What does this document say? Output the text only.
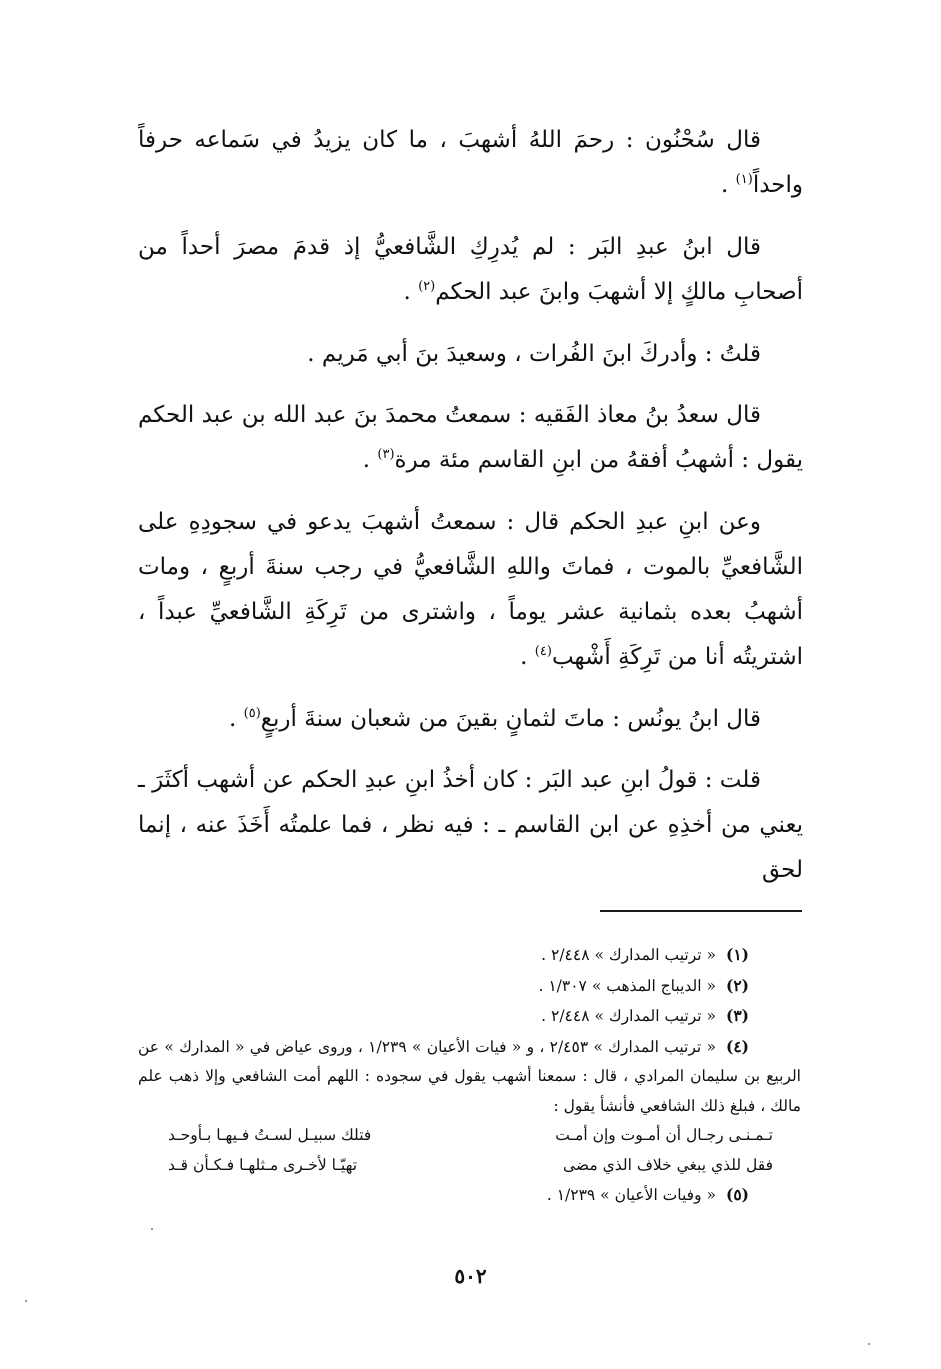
قال سُحْنُون : رحمَ اللهُ أشهبَ ، ما كان يزيدُ في سَماعه حرفاً واحداً$^{(١)}$ .

قال ابنُ عبدِ البَر : لم يُدرِكِ الشَّافعيُّ إذ قدمَ مصرَ أحداً من أصحابِ مالكٍ إلا أشهبَ وابنَ عبد الحكم$^{(٢)}$ .

قلتُ : وأدركَ ابنَ الفُرات ، وسعيدَ بنَ أبي مَريم .

قال سعدُ بنُ معاذ الفَقيه : سمعتُ محمدَ بنَ عبد الله بن عبد الحكم يقول : أشهبُ أفقهُ من ابنِ القاسم مئة مرة$^{(٣)}$ .

وعن ابنِ عبدِ الحكم قال : سمعتُ أشهبَ يدعو في سجودِهِ على الشَّافعيِّ بالموت ، فماتَ واللهِ الشَّافعيُّ في رجب سنةَ أربعٍ ، ومات أشهبُ بعده بثمانية عشر يوماً ، واشترى من تَرِكَةِ الشَّافعيِّ عبداً ، اشتريتُه أنا من تَرِكَةِ أَشْهب$^{(٤)}$ .

قال ابنُ يونُس : ماتَ لثمانٍ بقينَ من شعبان سنةَ أربعٍ$^{(٥)}$ .

قلت : قولُ ابنِ عبد البَر : كان أخذُ ابنِ عبدِ الحكم عن أشهب أكثَرَ ـ يعني من أخذِهِ عن ابن القاسم ـ : فيه نظر ، فما علمتُه أَخَذَ عنه ، إنما لحق

(١)« ترتيب المدارك » ٢/٤٤٨ .

(٢)« الديباج المذهب » ١/٣٠٧ .

(٣)« ترتيب المدارك » ٢/٤٤٨ .

(٤)« ترتيب المدارك » ٢/٤٥٣ ، و « فيات الأعيان » ١/٢٣٩ ، وروى عياض في « المدارك » عن الربيع بن سليمان المرادي ، قال : سمعنا أشهب يقول في سجوده : اللهم أمت الشافعي وإلا ذهب علم مالك ، فبلغ ذلك الشافعي فأنشأ يقول :

تـمـنـى رجـال أن أمـوت وإن أمـت
فتلك سبيـل لسـتُ فـيهـا بـأوحـد
فقل للذي يبغي خلاف الذي مضى
تهيّـا لأخـرى مـثلهـا فـكـأن قـد

(٥)« وفيات الأعيان » ١/٢٣٩ .

٥٠٢
